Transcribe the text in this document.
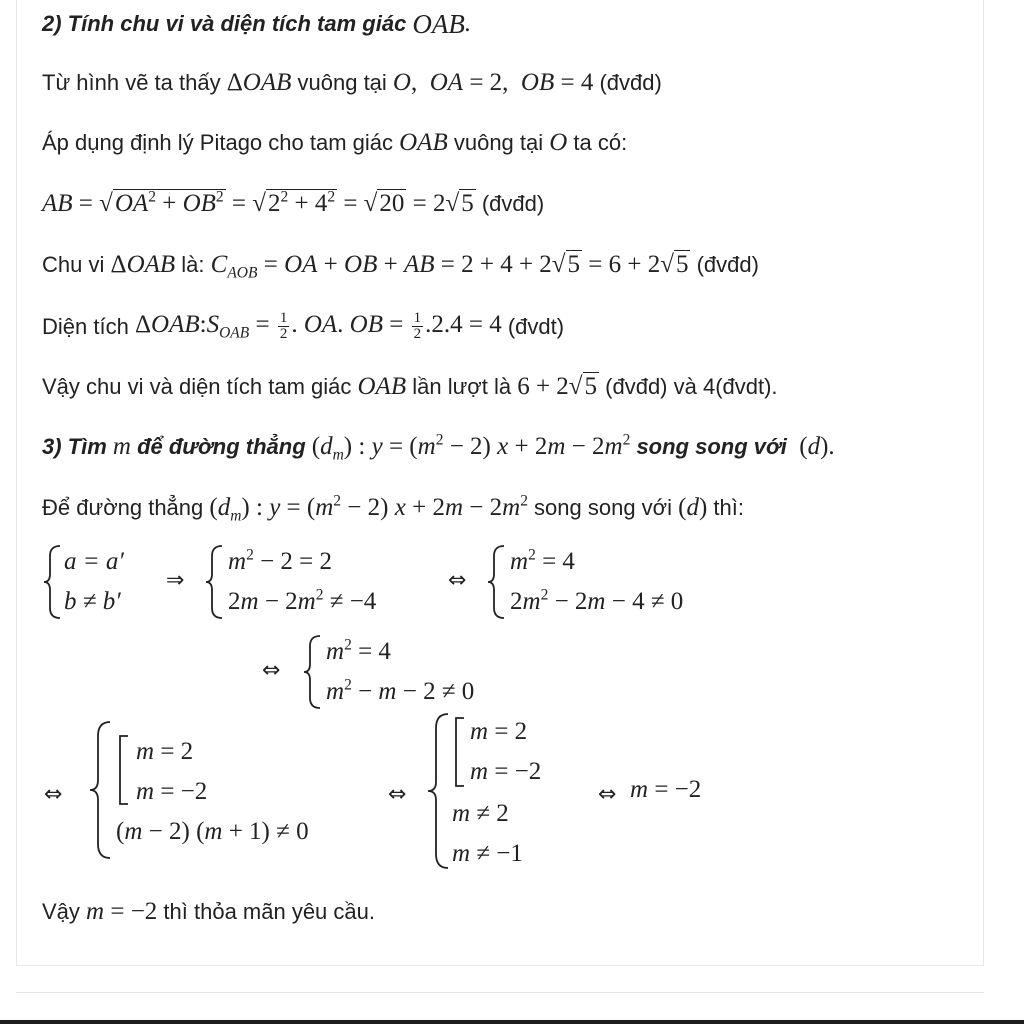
2) Tính chu vi và diện tích tam giác OAB .
Từ hình vẽ ta thấy ΔOAB vuông tại O,  OA = 2,  OB = 4 (đvđd)
Áp dụng định lý Pitago cho tam giác OAB vuông tại O ta có:
AB = $√OA^2 + OB^2 = √2^2 + 4^2 = √20 = 2√5$ (đvđd)
Chu vi ΔOAB là: $C_{AOB}$ = OA + OB + AB = 2 + 4 + 2√5 = 6 + 2√5 (đvđd)
Diện tích $\Delta OAB:S_{OAB} = \frac{1}{2}$ . OA. OB = $\frac{1}{2} .2.4 = 4$ (đvdt)
Vậy chu vi và diện tích tam giác OAB lần lượt là 6 + 2√5 (đvđd) và 4(đvdt).
3) Tìm m để đường thẳng $(d_m)$ : $y = (m^2 - 2) x + 2m - 2m^2$ song song với (d).
Để đường thẳng $(d_m)$ : $y = (m^2 - 2) x + 2m - 2m^2$ song song với (d) thì:
a = a′
b ≠ b′
⇒
$m^2 - 2 = 2$
$2m - 2m^2 \ne -4$
⇔
$m^2 = 4$
$2m^2 - 2m - 4 \ne 0$
⇔
$m^2 = 4$
$m^2 - m - 2 \ne 0$
⇔
m = 2
m = −2
(m − 2) (m + 1) ≠ 0
⇔
m = 2
m = −2
m ≠ 2
m ≠ −1
⇔ m = −2
Vậy m = −2 thì thỏa mãn yêu cầu.
